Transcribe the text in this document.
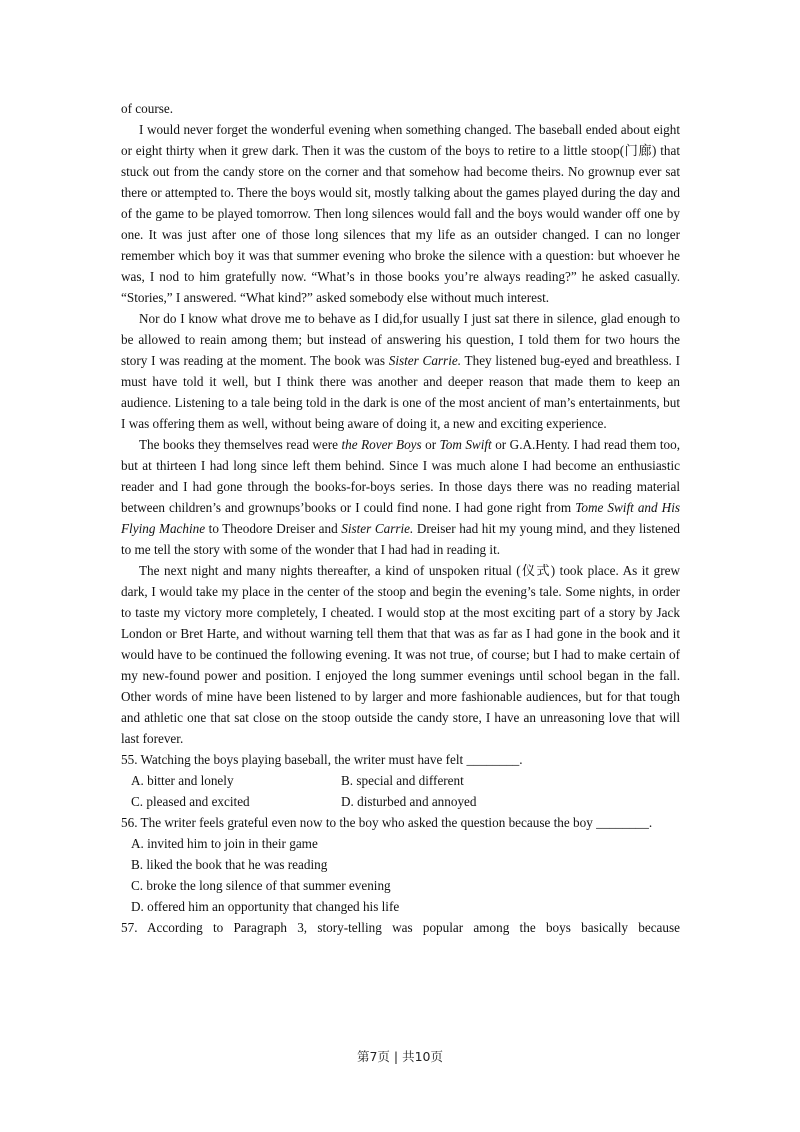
of course.

I would never forget the wonderful evening when something changed. The baseball ended about eight or eight thirty when it grew dark. Then it was the custom of the boys to retire to a little stoop(门廊) that stuck out from the candy store on the corner and that somehow had become theirs. No grownup ever sat there or attempted to. There the boys would sit, mostly talking about the games played during the day and of the game to be played tomorrow. Then long silences would fall and the boys would wander off one by one. It was just after one of those long silences that my life as an outsider changed. I can no longer remember which boy it was that summer evening who broke the silence with a question: but whoever he was, I nod to him gratefully now. “What’s in those books you’re always reading?” he asked casually. “Stories,” I answered. “What kind?” asked somebody else without much interest.

Nor do I know what drove me to behave as I did,for usually I just sat there in silence, glad enough to be allowed to reain among them; but instead of answering his question, I told them for two hours the story I was reading at the moment. The book was Sister Carrie. They listened bug-eyed and breathless. I must have told it well, but I think there was another and deeper reason that made them to keep an audience. Listening to a tale being told in the dark is one of the most ancient of man’s entertainments, but I was offering them as well, without being aware of doing it, a new and exciting experience.

The books they themselves read were the Rover Boys or Tom Swift or G.A.Henty. I had read them too, but at thirteen I had long since left them behind. Since I was much alone I had become an enthusiastic reader and I had gone through the books-for-boys series. In those days there was no reading material between children’s and grownups’books or I could find none. I had gone right from Tome Swift and His Flying Machine to Theodore Dreiser and Sister Carrie. Dreiser had hit my young mind, and they listened to me tell the story with some of the wonder that I had had in reading it.

The next night and many nights thereafter, a kind of unspoken ritual (仪式) took place. As it grew dark, I would take my place in the center of the stoop and begin the evening’s tale. Some nights, in order to taste my victory more completely, I cheated. I would stop at the most exciting part of a story by Jack London or Bret Harte, and without warning tell them that that was as far as I had gone in the book and it would have to be continued the following evening. It was not true, of course; but I had to make certain of my new-found power and position. I enjoyed the long summer evenings until school began in the fall. Other words of mine have been listened to by larger and more fashionable audiences, but for that tough and athletic one that sat close on the stoop outside the candy store, I have an unreasoning love that will last forever.

55. Watching the boys playing baseball, the writer must have felt ________.

A. bitter and lonely	B. special and different
C. pleased and excited	D. disturbed and annoyed

56. The writer feels grateful even now to the boy who asked the question because the boy ________.

A. invited him to join in their game

B. liked the book that he was reading

C. broke the long silence of that summer evening

D. offered him an opportunity that changed his life

57. According to Paragraph 3, story-telling was popular among the boys basically because

第7页 | 共10页
